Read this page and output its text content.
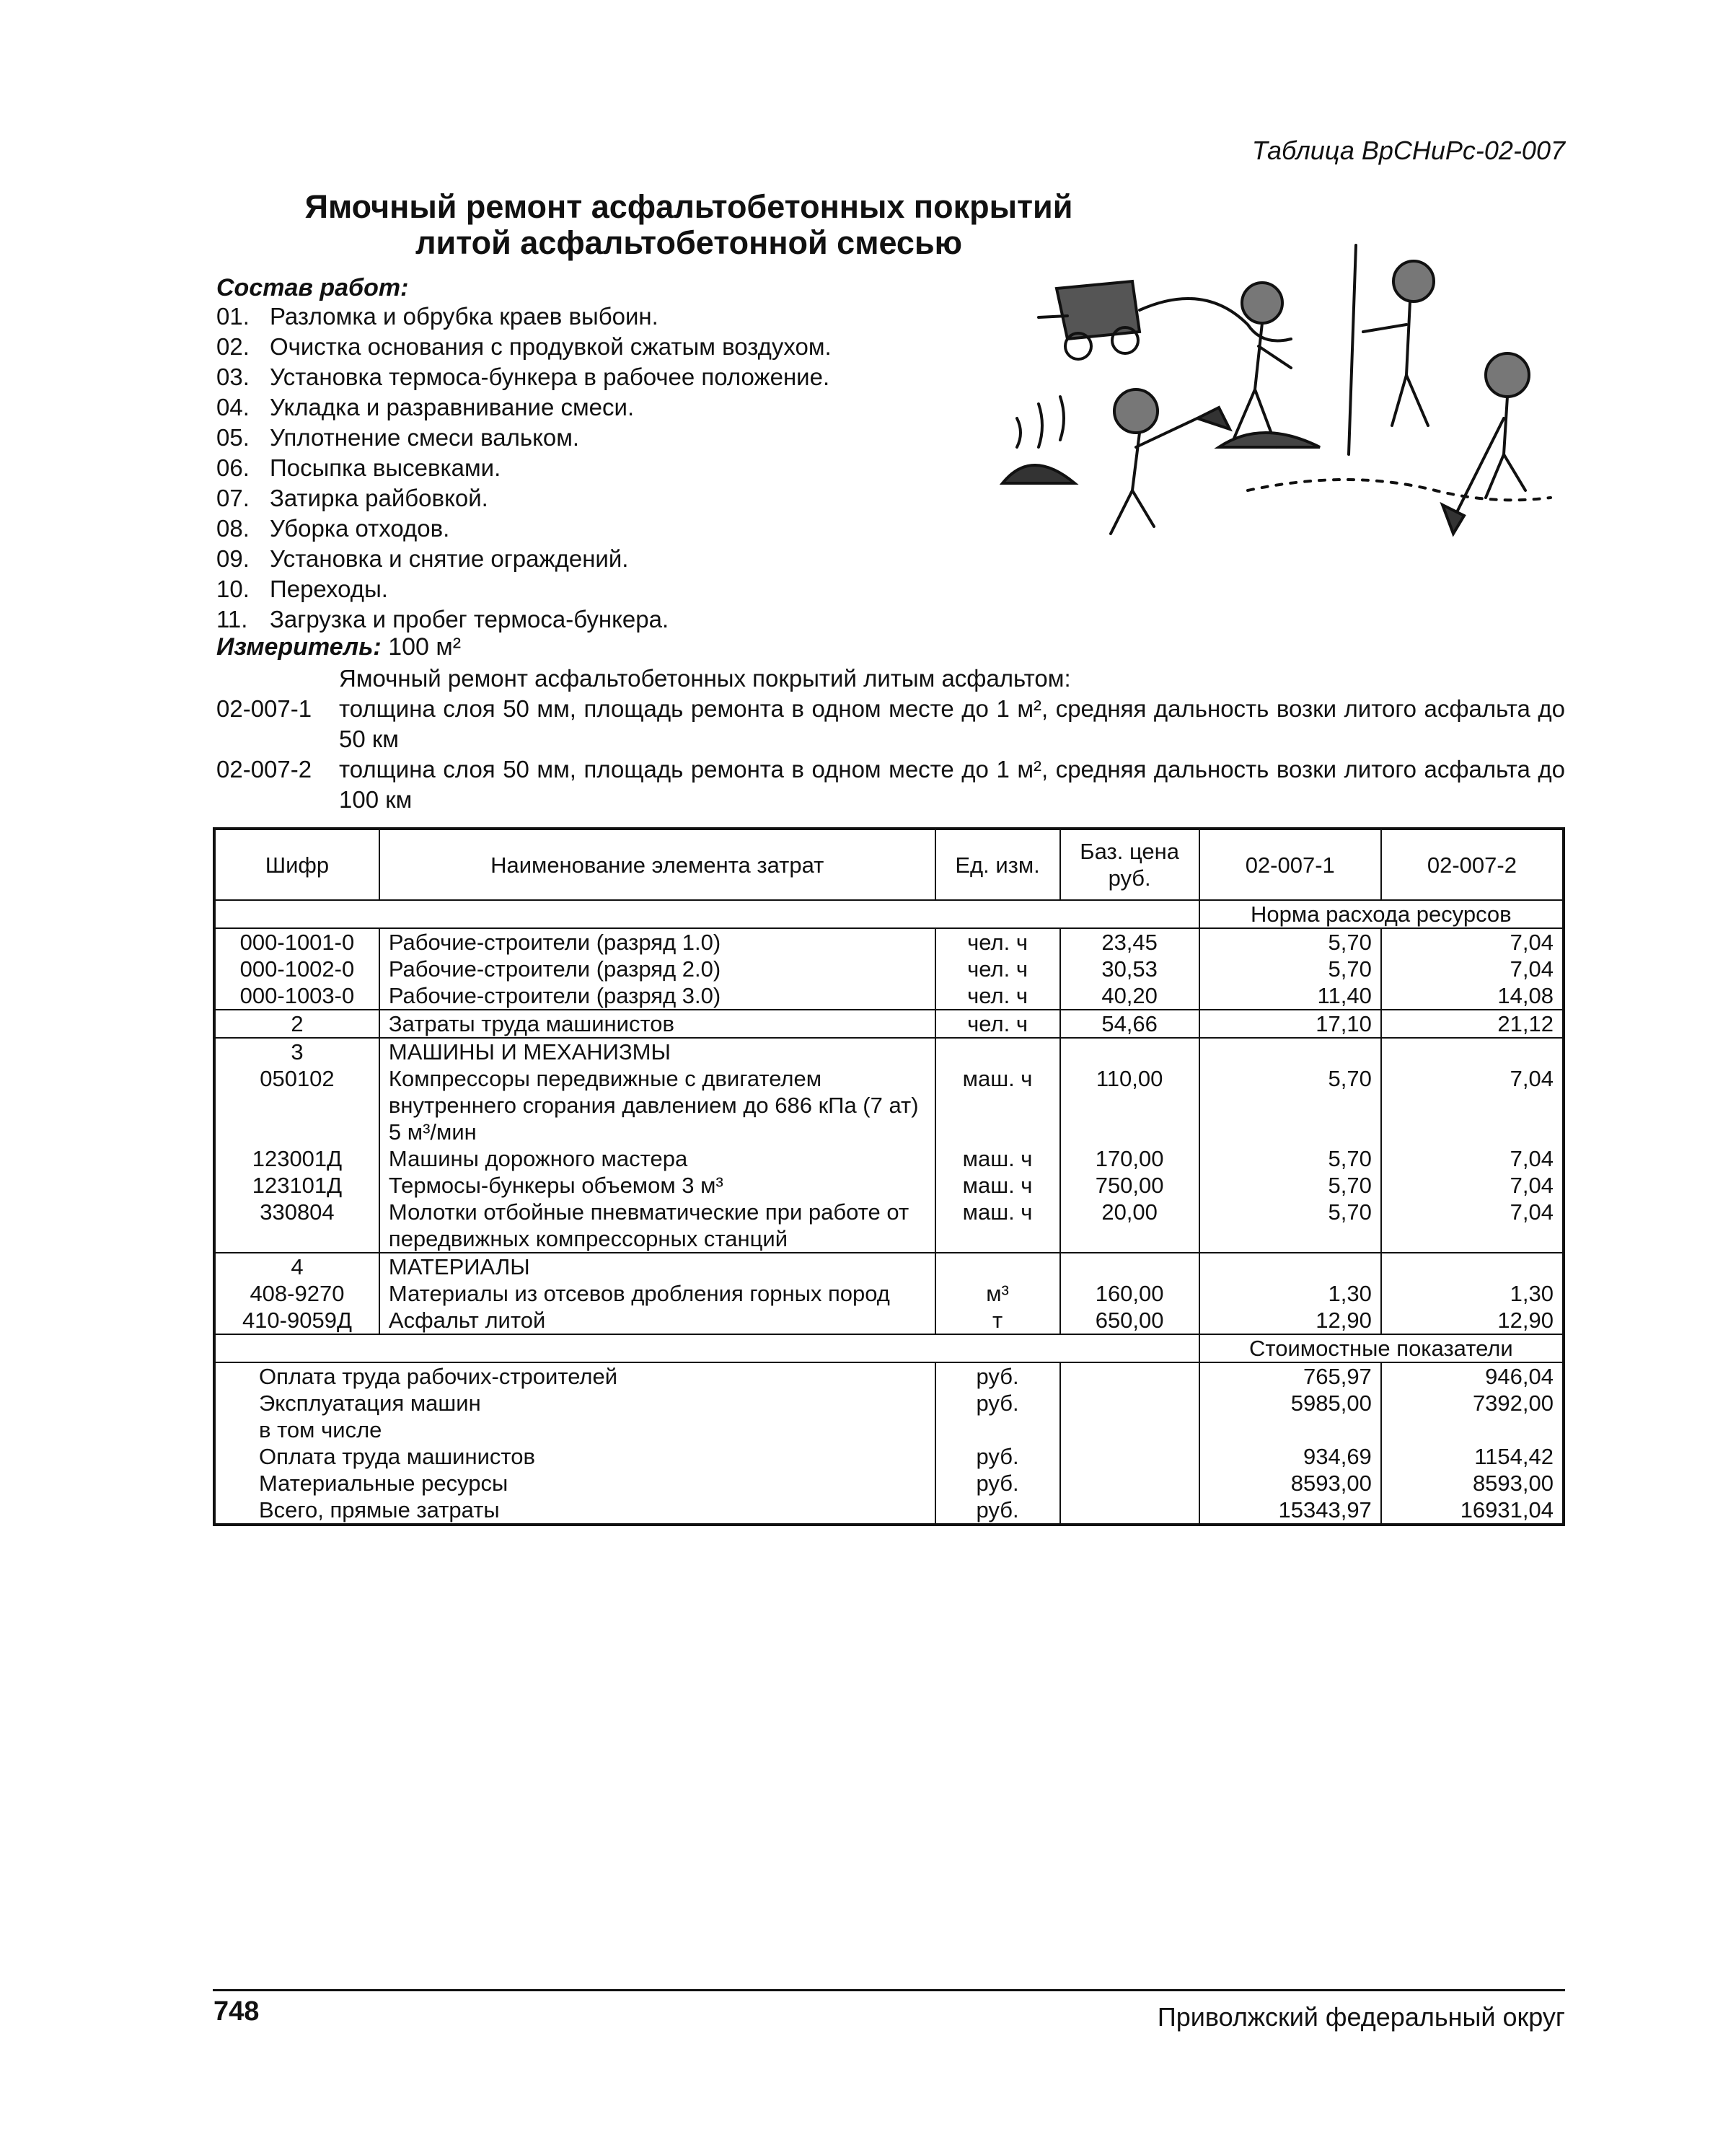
Таблица ВрСНиРс-02-007
Ямочный ремонт асфальтобетонных покрытий
литой асфальтобетонной смесью
Состав работ:
01. Разломка и обрубка краев выбоин.
02. Очистка основания с продувкой сжатым воздухом.
03. Установка термоса-бункера в рабочее положение.
04. Укладка и разравнивание смеси.
05. Уплотнение смеси вальком.
06. Посыпка высевками.
07. Затирка райбовкой.
08. Уборка отходов.
09. Установка и снятие ограждений.
10. Переходы.
11. Загрузка и пробег термоса-бункера.
Измеритель: 100 м²
Ямочный ремонт асфальтобетонных покрытий литым асфальтом:
02-007-1	толщина слоя 50 мм, площадь ремонта в одном месте до 1 м², средняя дальность возки литого асфальта до 50 км
02-007-2	толщина слоя 50 мм, площадь ремонта в одном месте до 1 м², средняя дальность возки литого асфальта до 100 км
Шифр	Наименование элемента затрат	Ед. изм.	Баз. цена руб.	02-007-1	02-007-2
				Норма расхода ресурсов	
000-1001-0	Рабочие-строители (разряд 1.0)	чел. ч	23,45	5,70	7,04
000-1002-0	Рабочие-строители (разряд 2.0)	чел. ч	30,53	5,70	7,04
000-1003-0	Рабочие-строители (разряд 3.0)	чел. ч	40,20	11,40	14,08
2	Затраты труда машинистов	чел. ч	54,66	17,10	21,12
3	МАШИНЫ И МЕХАНИЗМЫ				
050102	Компрессоры передвижные с двигателем внутреннего сгорания давлением до 686 кПа (7 ат) 5 м³/мин	маш. ч	110,00	5,70	7,04
123001Д	Машины дорожного мастера	маш. ч	170,00	5,70	7,04
123101Д	Термосы-бункеры объемом 3 м³	маш. ч	750,00	5,70	7,04
330804	Молотки отбойные пневматические при работе от передвижных компрессорных станций	маш. ч	20,00	5,70	7,04
4	МАТЕРИАЛЫ				
408-9270	Материалы из отсевов дробления горных пород	м³	160,00	1,30	1,30
410-9059Д	Асфальт литой	т	650,00	12,90	12,90
				Стоимостные показатели	
Оплата труда рабочих-строителей		руб.		765,97	946,04
Эксплуатация машин		руб.		5985,00	7392,00
в том числе					
Оплата труда машинистов		руб.		934,69	1154,42
Материальные ресурсы		руб.		8593,00	8593,00
Всего, прямые затраты		руб.		15343,97	16931,04
748	Приволжский федеральный округ
